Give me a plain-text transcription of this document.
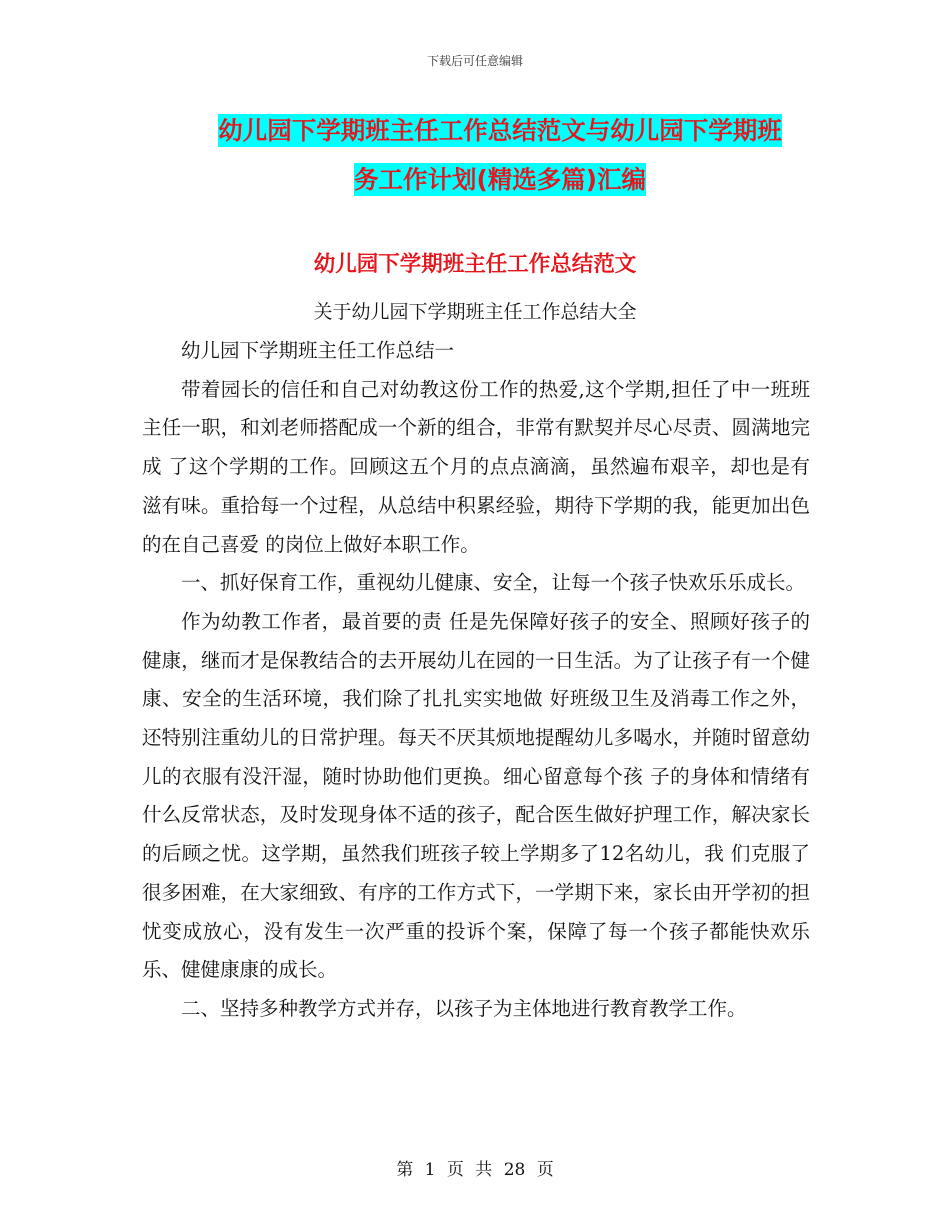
下载后可任意编辑
幼儿园下学期班主任工作总结范文与幼儿园下学期班
务工作计划(精选多篇)汇编
幼儿园下学期班主任工作总结范文
关于幼儿园下学期班主任工作总结大全

幼儿园下学期班主任工作总结一

带着园长的信任和自己对幼教这份工作的热爱,这个学期,担任了中一班班主任一职，和刘老师搭配成一个新的组合，非常有默契并尽心尽责、圆满地完成 了这个学期的工作。回顾这五个月的点点滴滴，虽然遍布艰辛，却也是有滋有味。重拾每一个过程，从总结中积累经验，期待下学期的我，能更加出色的在自己喜爱 的岗位上做好本职工作。

一、抓好保育工作，重视幼儿健康、安全，让每一个孩子快欢乐乐成长。

作为幼教工作者，最首要的责 任是先保障好孩子的安全、照顾好孩子的健康，继而才是保教结合的去开展幼儿在园的一日生活。为了让孩子有一个健康、安全的生活环境，我们除了扎扎实实地做 好班级卫生及消毒工作之外，还特别注重幼儿的日常护理。每天不厌其烦地提醒幼儿多喝水，并随时留意幼儿的衣服有没汗湿，随时协助他们更换。细心留意每个孩 子的身体和情绪有什么反常状态，及时发现身体不适的孩子，配合医生做好护理工作，解决家长的后顾之忧。这学期，虽然我们班孩子较上学期多了12名幼儿，我 们克服了很多困难，在大家细致、有序的工作方式下，一学期下来，家长由开学初的担忧变成放心，没有发生一次严重的投诉个案，保障了每一个孩子都能快欢乐 乐、健健康康的成长。

二、坚持多种教学方式并存，以孩子为主体地进行教育教学工作。

第 1 页 共 28 页
